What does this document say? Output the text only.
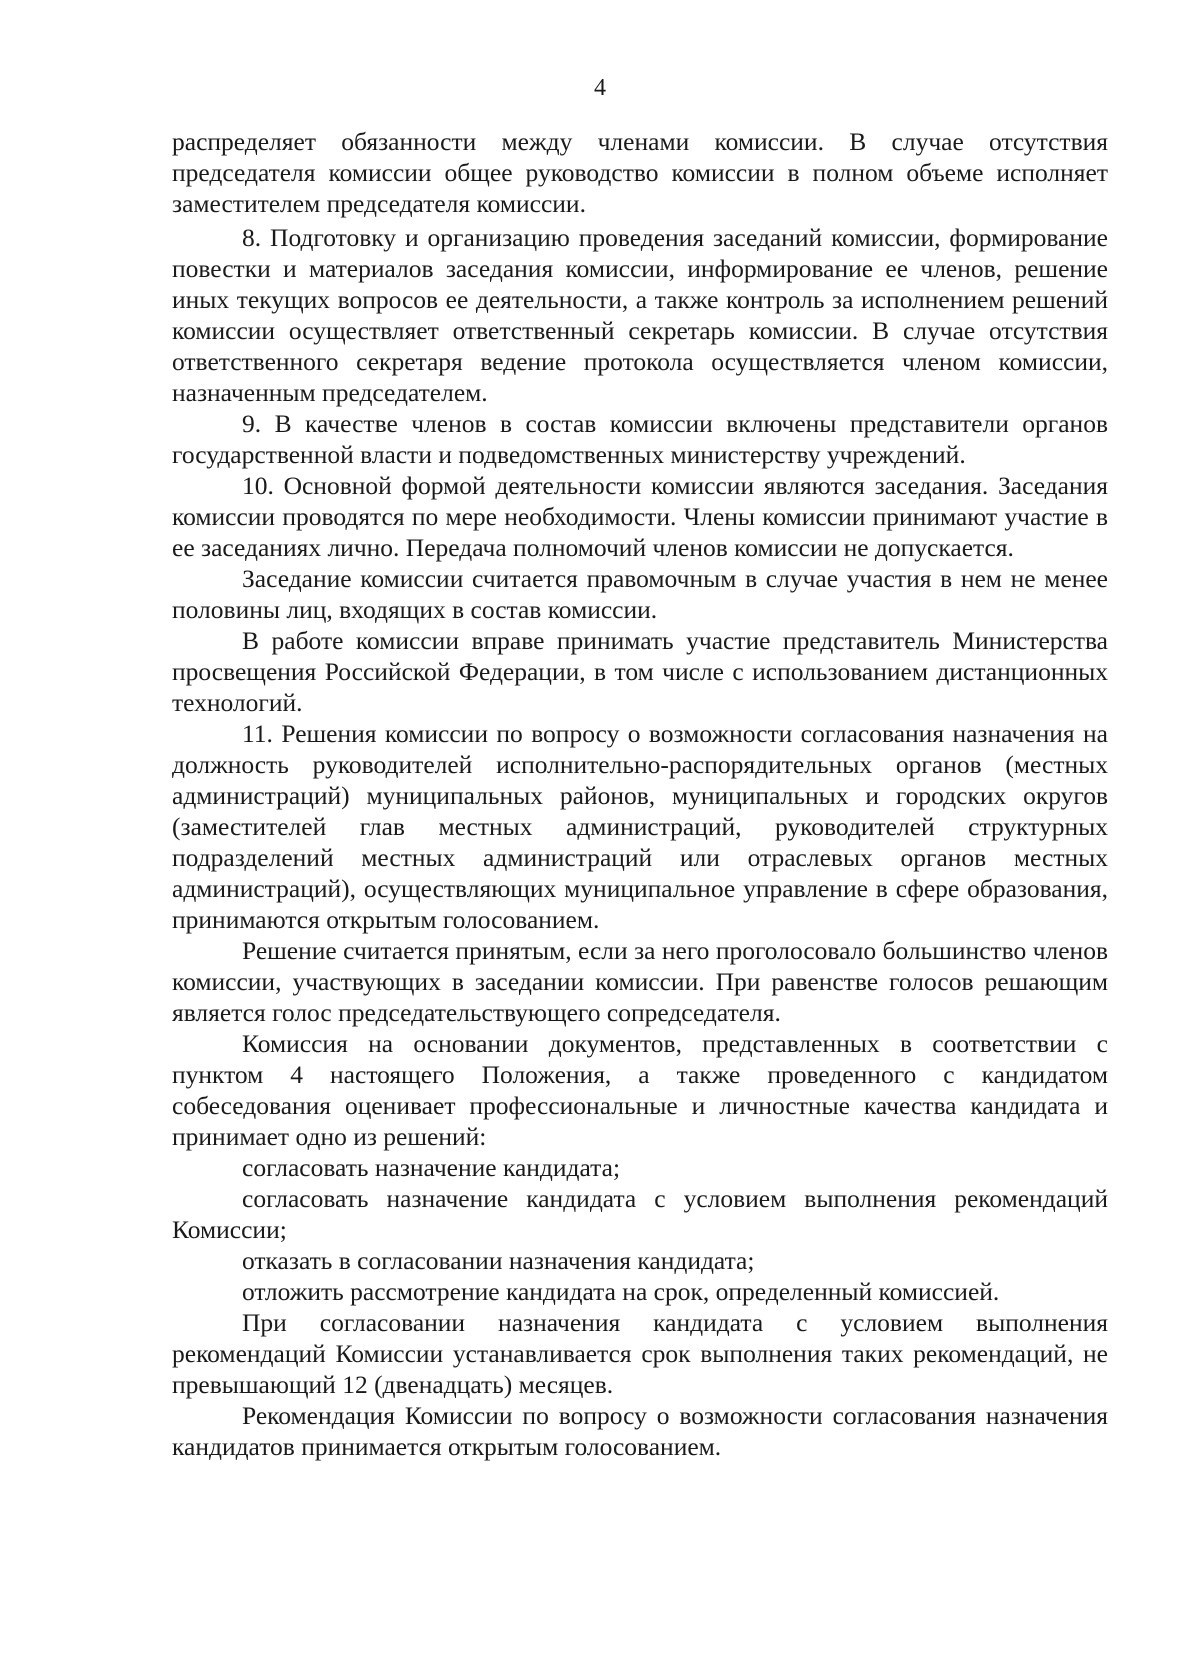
4

распределяет обязанности между членами комиссии. В случае отсутствия председателя комиссии общее руководство комиссии в полном объеме исполняет заместителем председателя комиссии.

8. Подготовку и организацию проведения заседаний комиссии, формирование повестки и материалов заседания комиссии, информирование ее членов, решение иных текущих вопросов ее деятельности, а также контроль за исполнением решений комиссии осуществляет ответственный секретарь комиссии. В случае отсутствия ответственного секретаря ведение протокола осуществляется членом комиссии, назначенным председателем.

9. В качестве членов в состав комиссии включены представители органов государственной власти и подведомственных министерству учреждений.

10. Основной формой деятельности комиссии являются заседания. Заседания комиссии проводятся по мере необходимости. Члены комиссии принимают участие в ее заседаниях лично. Передача полномочий членов комиссии не допускается.

Заседание комиссии считается правомочным в случае участия в нем не менее половины лиц, входящих в состав комиссии.

В работе комиссии вправе принимать участие представитель Министерства просвещения Российской Федерации, в том числе с использованием дистанционных технологий.

11. Решения комиссии по вопросу о возможности согласования назначения на должность руководителей исполнительно-распорядительных органов (местных администраций) муниципальных районов, муниципальных и городских округов (заместителей глав местных администраций, руководителей структурных подразделений местных администраций или отраслевых органов местных администраций), осуществляющих муниципальное управление в сфере образования, принимаются открытым голосованием.

Решение считается принятым, если за него проголосовало большинство членов комиссии, участвующих в заседании комиссии. При равенстве голосов решающим является голос председательствующего сопредседателя.

Комиссия на основании документов, представленных в соответствии с пунктом 4 настоящего Положения, а также проведенного с кандидатом собеседования оценивает профессиональные и личностные качества кандидата и принимает одно из решений:

согласовать назначение кандидата;

согласовать назначение кандидата с условием выполнения рекомендаций Комиссии;

отказать в согласовании назначения кандидата;

отложить рассмотрение кандидата на срок, определенный комиссией.

При согласовании назначения кандидата с условием выполнения рекомендаций Комиссии устанавливается срок выполнения таких рекомендаций, не превышающий 12 (двенадцать) месяцев.

Рекомендация Комиссии по вопросу о возможности согласования назначения кандидатов принимается открытым голосованием.
